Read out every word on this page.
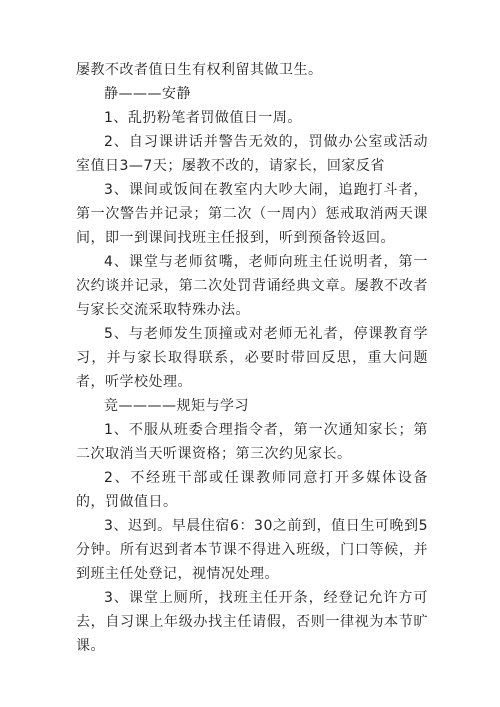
屡教不改者值日生有权利留其做卫生。

静———安静

1、乱扔粉笔者罚做值日一周。

2、自习课讲话并警告无效的，罚做办公室或活动室值日3—7天；屡教不改的，请家长，回家反省

3、课间或饭间在教室内大吵大闹，追跑打斗者，第一次警告并记录；第二次（一周内）惩戒取消两天课间，即一到课间找班主任报到，听到预备铃返回。

4、课堂与老师贫嘴，老师向班主任说明者，第一次约谈并记录，第二次处罚背诵经典文章。屡教不改者与家长交流采取特殊办法。

5、与老师发生顶撞或对老师无礼者，停课教育学习，并与家长取得联系，必要时带回反思，重大问题者，听学校处理。

竞————规矩与学习

1、不服从班委合理指令者，第一次通知家长；第二次取消当天听课资格；第三次约见家长。

2、不经班干部或任课教师同意打开多媒体设备的，罚做值日。

3、迟到。早晨住宿6：30之前到，值日生可晚到5分钟。所有迟到者本节课不得进入班级，门口等候，并到班主任处登记，视情况处理。

3、课堂上厕所，找班主任开条，经登记允许方可去，自习课上年级办找主任请假，否则一律视为本节旷课。
